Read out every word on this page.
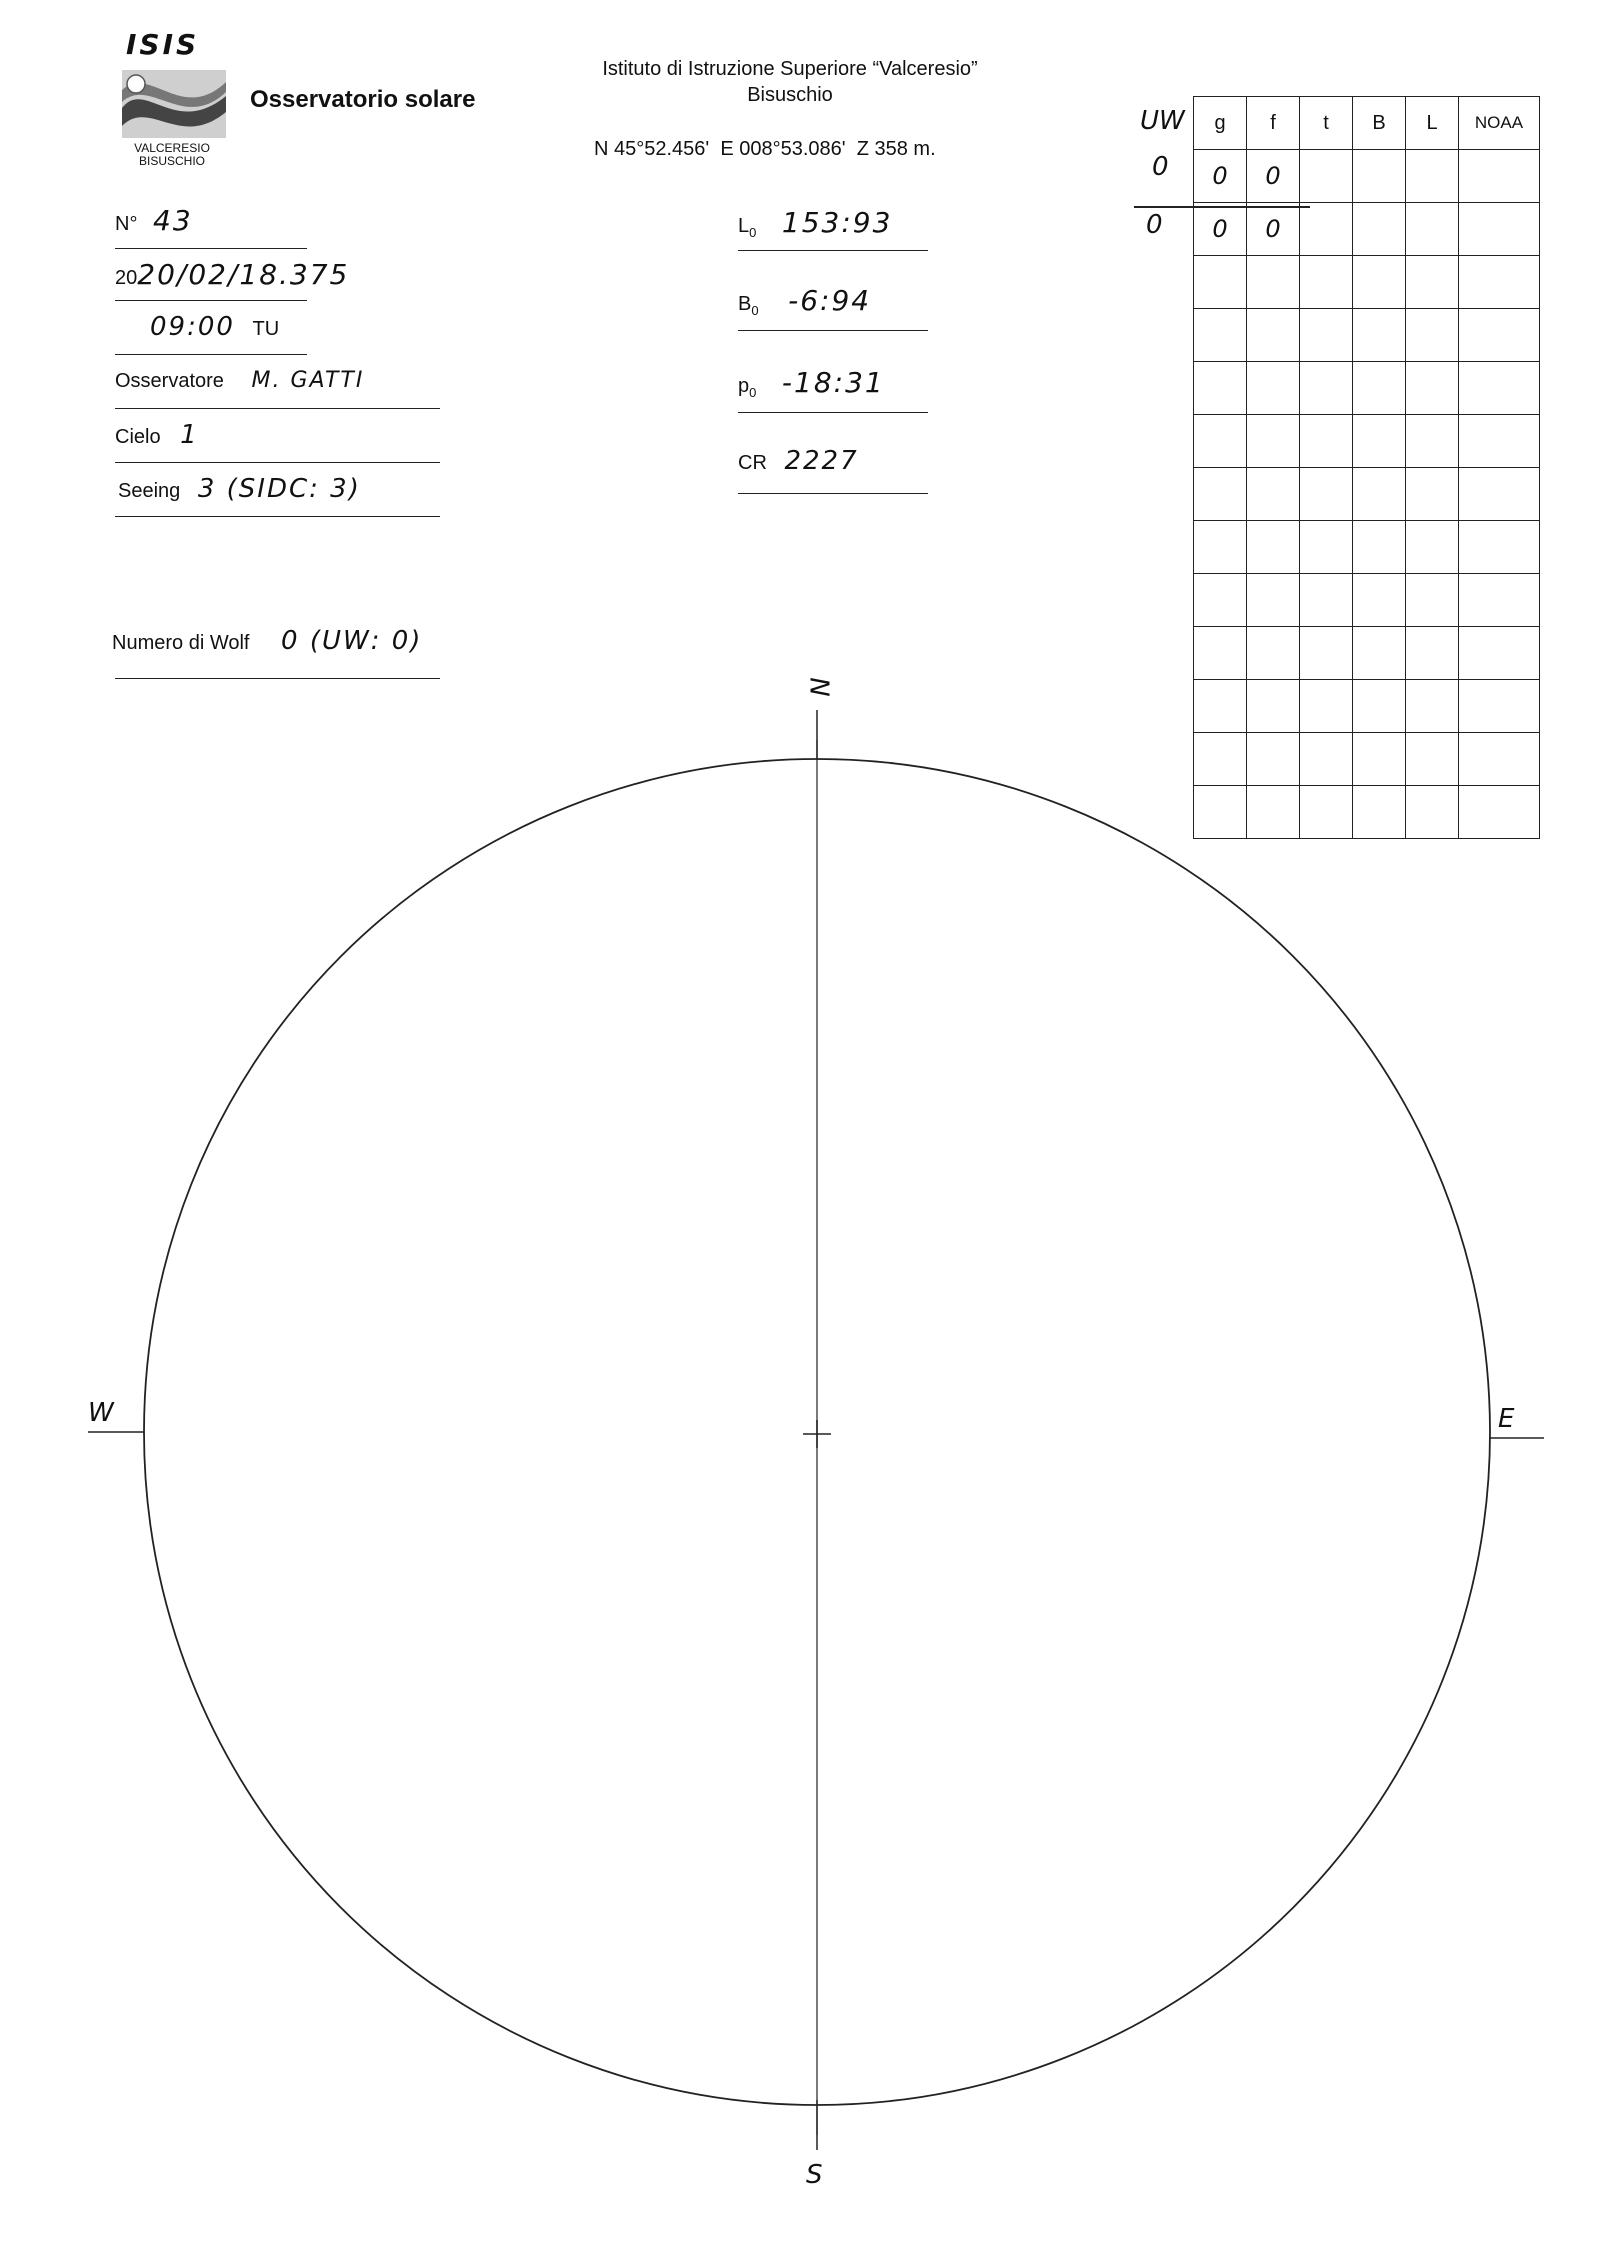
ISIS
VALCERESIO
BISUSCHIO
Osservatorio solare
Istituto di Istruzione Superiore “Valceresio”
Bisuschio
N 45°52.456'  E 008°53.086'  Z 358 m.
N° 43
2020/02/18.375
09:00 TU
Osservatore M. GATTI
Cielo 1
Seeing 3 (SIDC: 3)
Numero di Wolf 0 (UW: 0)
$L_0$ 153:93
$B_0$ -6:94
$p_0$ -18:31
CR 2227
UW
0
0
g	f	t	B	L	NOAA
0	0				
0	0				

N
S
W	E
